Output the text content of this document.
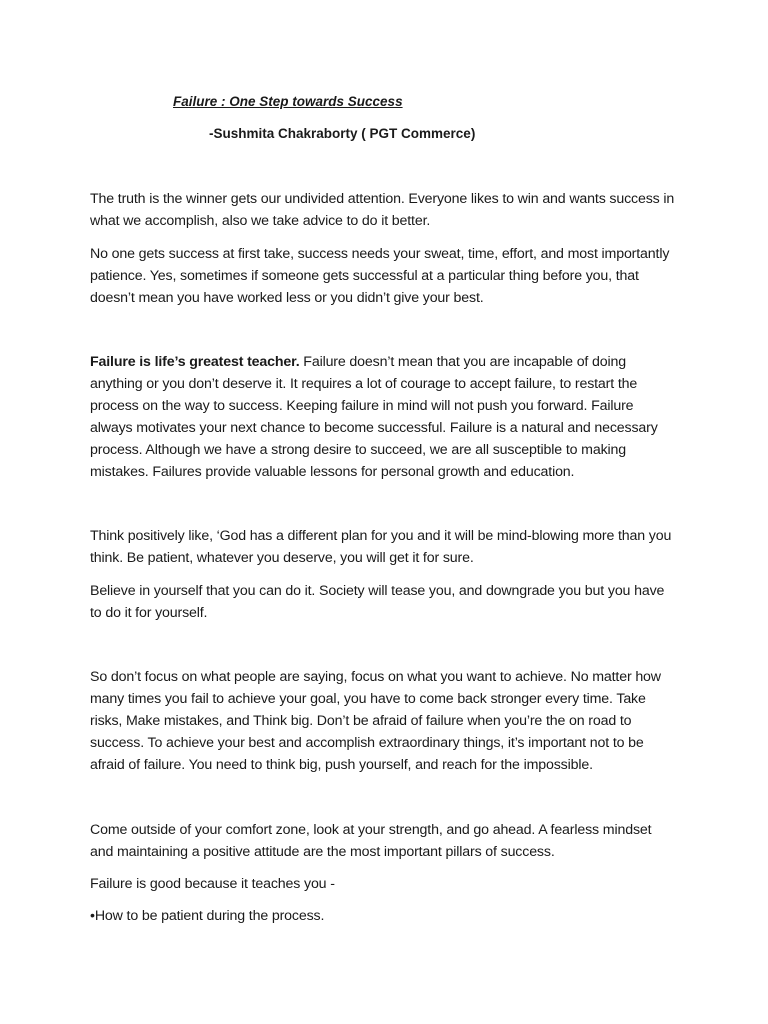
Failure : One Step towards Success
-Sushmita Chakraborty ( PGT Commerce)

The truth is the winner gets our undivided attention. Everyone likes to win and wants success in what we accomplish, also we take advice to do it better.

No one gets success at first take, success needs your sweat, time, effort, and most importantly patience. Yes, sometimes if someone gets successful at a particular thing before you, that doesn’t mean you have worked less or you didn’t give your best.

Failure is life’s greatest teacher. Failure doesn’t mean that you are incapable of doing anything or you don’t deserve it. It requires a lot of courage to accept failure, to restart the process on the way to success. Keeping failure in mind will not push you forward. Failure always motivates your next chance to become successful. Failure is a natural and necessary process. Although we have a strong desire to succeed, we are all susceptible to making mistakes. Failures provide valuable lessons for personal growth and education.

Think positively like, ‘God has a different plan for you and it will be mind-blowing more than you think. Be patient, whatever you deserve, you will get it for sure.

Believe in yourself that you can do it. Society will tease you, and downgrade you but you have to do it for yourself.

So don’t focus on what people are saying, focus on what you want to achieve. No matter how many times you fail to achieve your goal, you have to come back stronger every time. Take risks, Make mistakes, and Think big. Don’t be afraid of failure when you’re the on road to success. To achieve your best and accomplish extraordinary things, it’s important not to be afraid of failure. You need to think big, push yourself, and reach for the impossible.

Come outside of your comfort zone, look at your strength, and go ahead. A fearless mindset and maintaining a positive attitude are the most important pillars of success.

Failure is good because it teaches you -

•How to be patient during the process.
